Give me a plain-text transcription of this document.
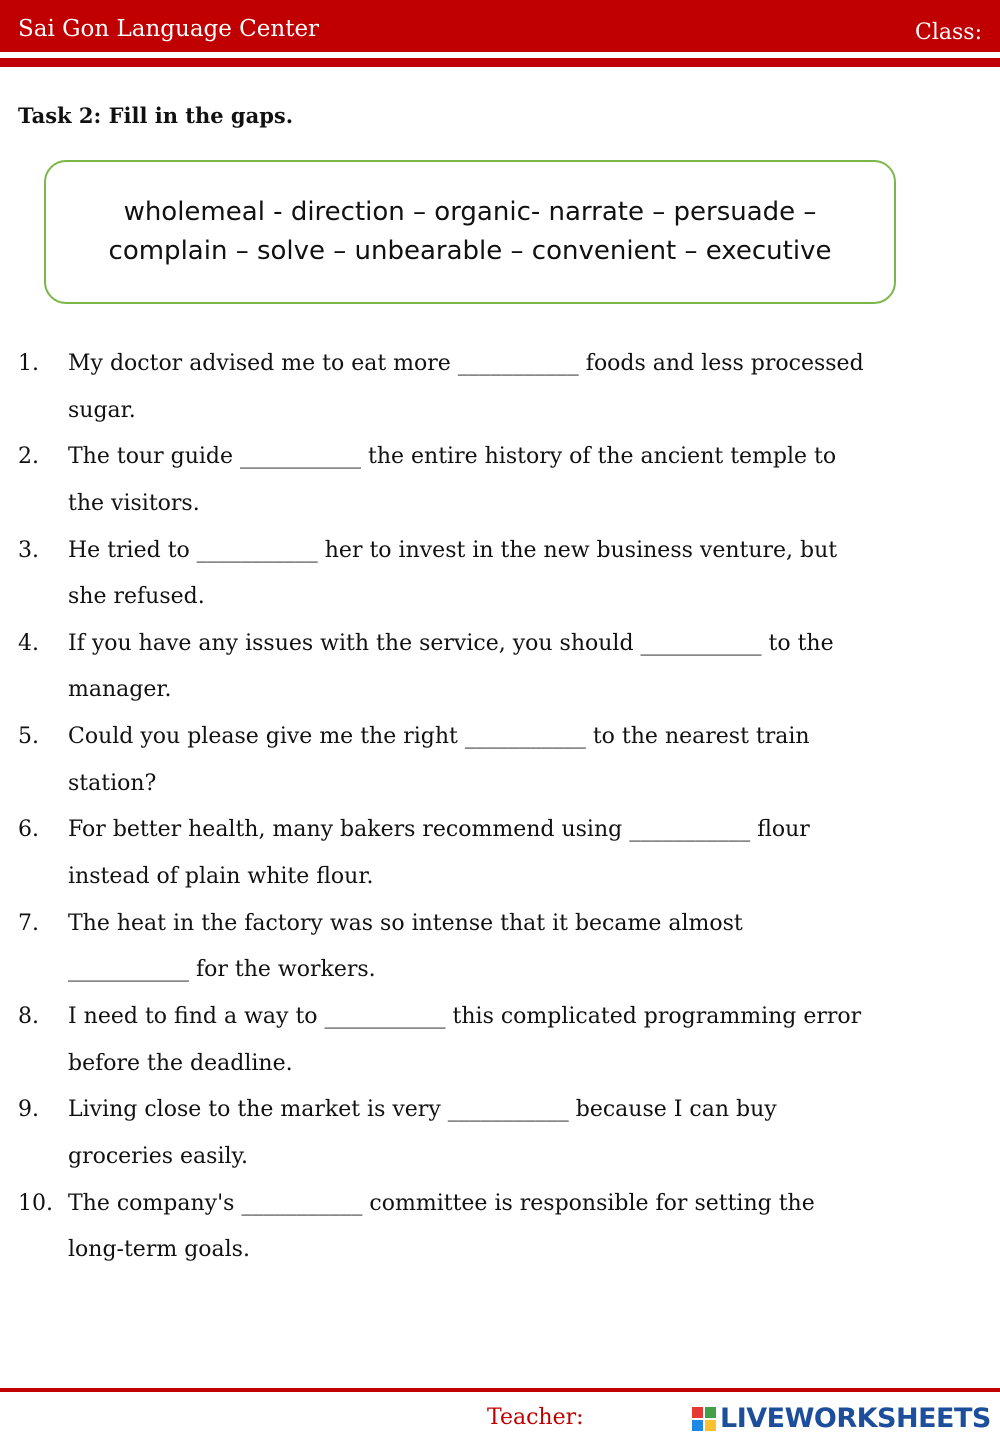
Sai Gon Language Center	Class:
Task 2: Fill in the gaps.
wholemeal - direction – organic- narrate – persuade –
complain – solve – unbearable – convenient – executive
1. My doctor advised me to eat more ___________ foods and less processed
sugar.
2. The tour guide ___________ the entire history of the ancient temple to
the visitors.
3. He tried to ___________ her to invest in the new business venture, but
she refused.
4. If you have any issues with the service, you should ___________ to the
manager.
5. Could you please give me the right ___________ to the nearest train
station?
6. For better health, many bakers recommend using ___________ flour
instead of plain white flour.
7. The heat in the factory was so intense that it became almost
___________ for the workers.
8. I need to find a way to ___________ this complicated programming error
before the deadline.
9. Living close to the market is very ___________ because I can buy
groceries easily.
10. The company's ___________ committee is responsible for setting the
long-term goals.
Teacher:	LIVEWORKSHEETS
